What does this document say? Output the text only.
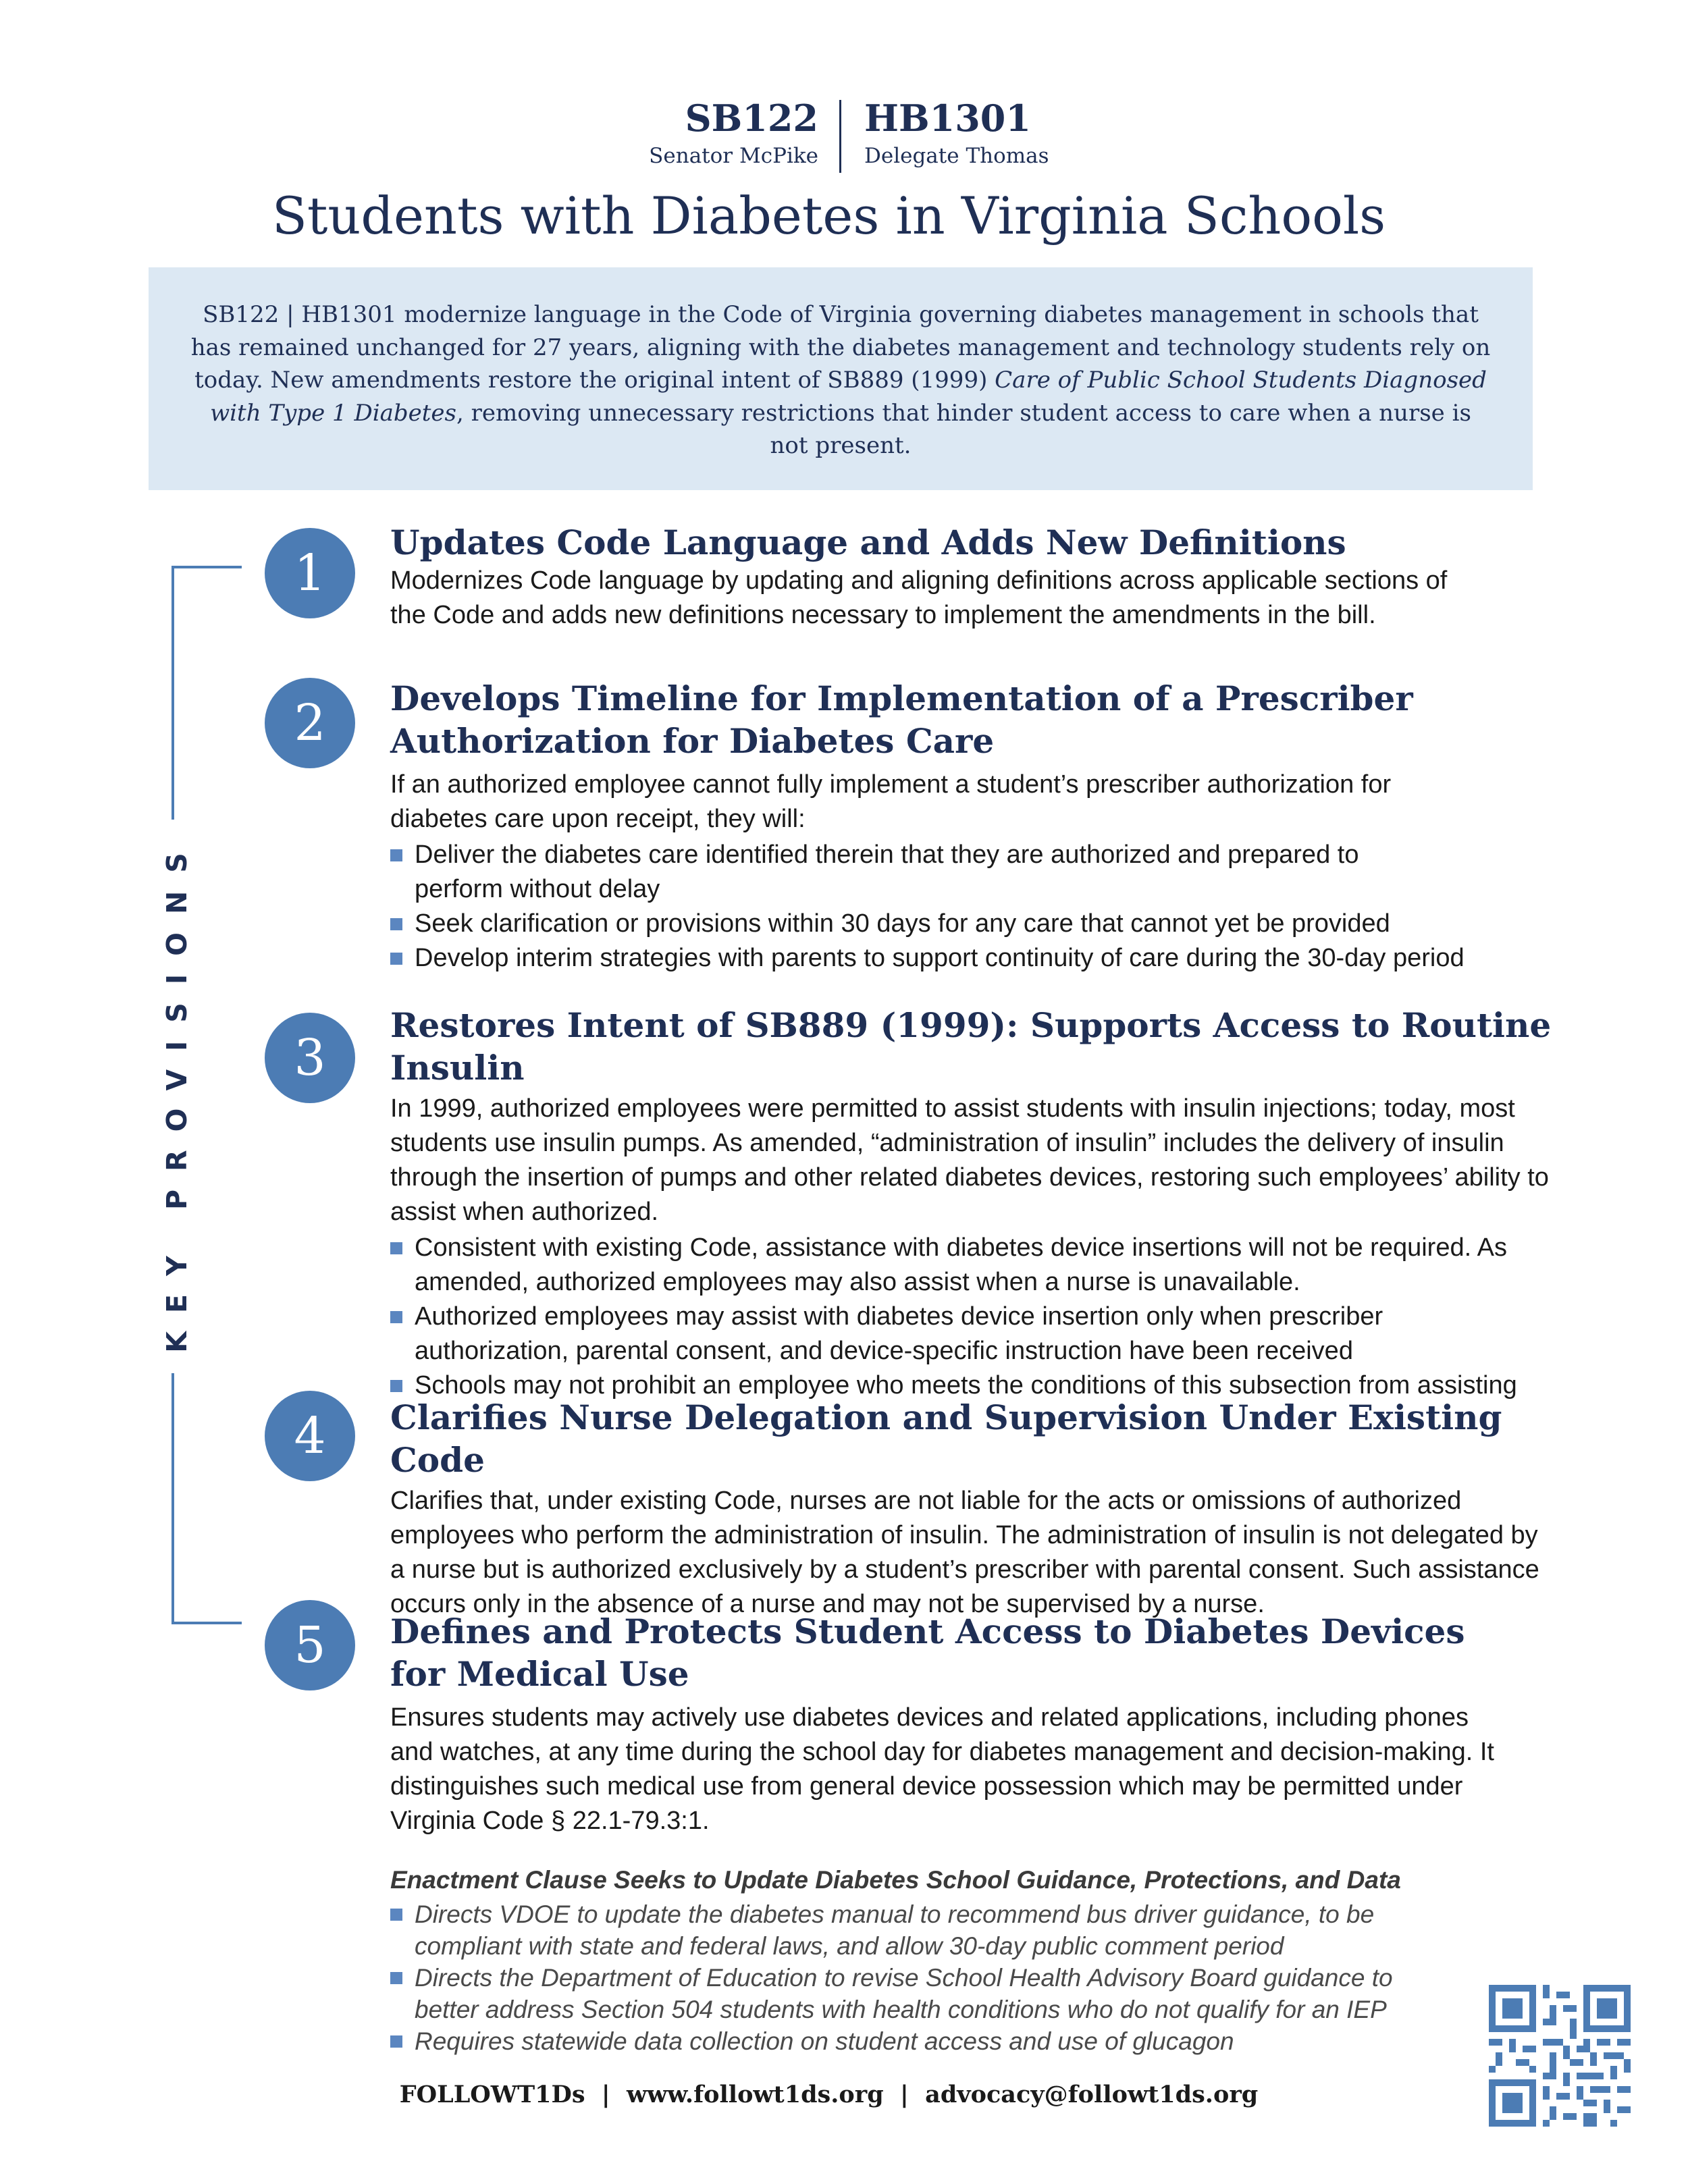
SB122
Senator McPike
HB1301
Delegate Thomas
Students with Diabetes in Virginia Schools
SB122 | HB1301 modernize language in the Code of Virginia governing diabetes management in schools that has remained unchanged for 27 years, aligning with the diabetes management and technology students rely on today. New amendments restore the original intent of SB889 (1999) Care of Public School Students Diagnosed with Type 1 Diabetes, removing unnecessary restrictions that hinder student access to care when a nurse is not present.
KEY PROVISIONS
1
2
3
4
5
Updates Code Language and Adds New Definitions

Modernizes Code language by updating and aligning definitions across applicable sections of the Code and adds new definitions necessary to implement the amendments in the bill.

Develops Timeline for Implementation of a Prescriber
Authorization for Diabetes Care

If an authorized employee cannot fully implement a student’s prescriber authorization for diabetes care upon receipt, they will:

Deliver the diabetes care identified therein that they are authorized and prepared to perform without delay
Seek clarification or provisions within 30 days for any care that cannot yet be provided
Develop interim strategies with parents to support continuity of care during the 30-day period
Restores Intent of SB889 (1999): Supports Access to Routine Insulin

In 1999, authorized employees were permitted to assist students with insulin injections; today, most students use insulin pumps. As amended, “administration of insulin” includes the delivery of insulin through the insertion of pumps and other related diabetes devices, restoring such employees’ ability to assist when authorized.

Consistent with existing Code, assistance with diabetes device insertions will not be required. As amended, authorized employees may also assist when a nurse is unavailable.
Authorized employees may assist with diabetes device insertion only when prescriber authorization, parental consent, and device-specific instruction have been received
Schools may not prohibit an employee who meets the conditions of this subsection from assisting
Clarifies Nurse Delegation and Supervision Under Existing Code

Clarifies that, under existing Code, nurses are not liable for the acts or omissions of authorized employees who perform the administration of insulin. The administration of insulin is not delegated by a nurse but is authorized exclusively by a student’s prescriber with parental consent. Such assistance occurs only in the absence of a nurse and may not be supervised by a nurse.

Defines and Protects Student Access to Diabetes Devices
for Medical Use

Ensures students may actively use diabetes devices and related applications, including phones and watches, at any time during the school day for diabetes management and decision-making. It distinguishes such medical use from general device possession which may be permitted under Virginia Code § 22.1-79.3:1.

Enactment Clause Seeks to Update Diabetes School Guidance, Protections, and Data
Directs VDOE to update the diabetes manual to recommend bus driver guidance, to be compliant with state and federal laws, and allow 30-day public comment period
Directs the Department of Education to revise School Health Advisory Board guidance to better address Section 504 students with health conditions who do not qualify for an IEP
Requires statewide data collection on student access and use of glucagon
FOLLOWT1Ds  |  www.followt1ds.org  |  advocacy@followt1ds.org
